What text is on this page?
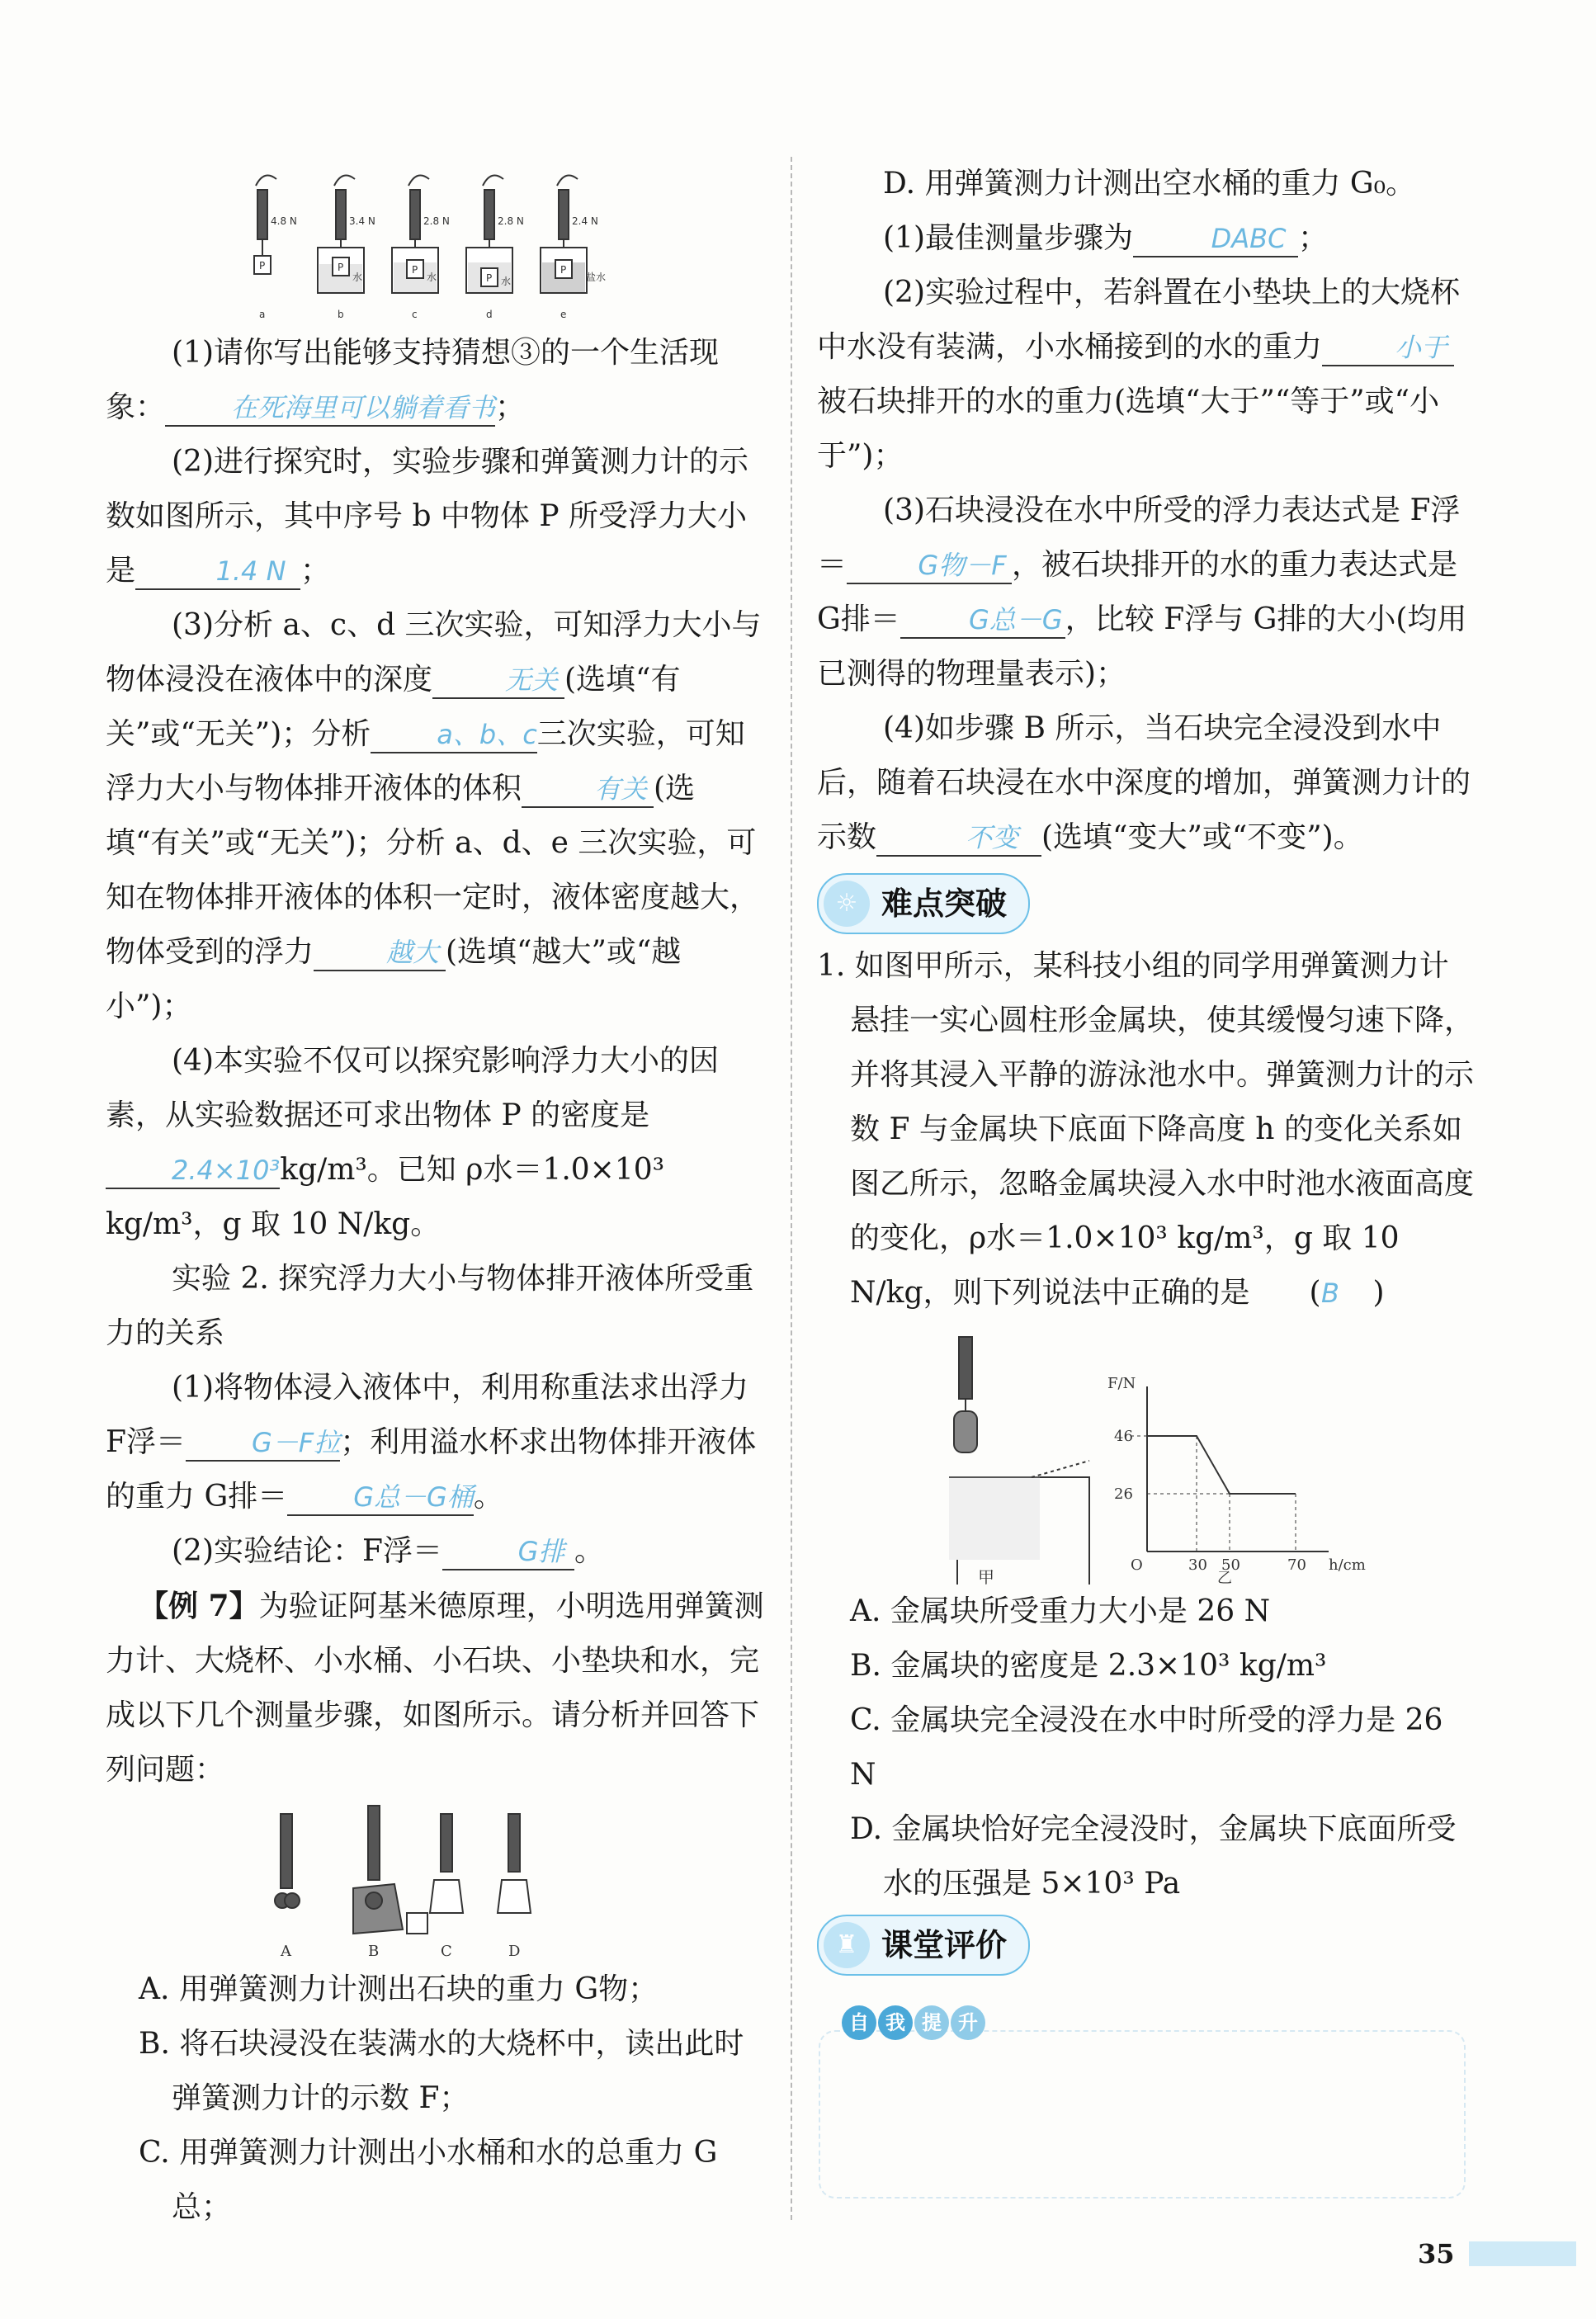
4.8 N	3.4 N	2.8 N	2.8 N	2.4 N
P	P	P
P
P
水	水	水	盐水
a	b	c	d	e

(1)请你写出能够支持猜想③的一个生活现象：	在死海里可以躺着看书；

(2)进行探究时，实验步骤和弹簧测力计的示数如图所示，其中序号 b 中物体 P 所受浮力大小是	1.4 N ；

(3)分析 a、c、d 三次实验，可知浮力大小与物体浸没在液体中的深度	无关 (选填“有关”或“无关”)；分析	a、b、c三次实验，可知浮力大小与物体排开液体的体积	有关 (选填“有关”或“无关”)；分析 a、d、e 三次实验，可知在物体排开液体的体积一定时，液体密度越大，物体受到的浮力	越大 (选填“越大”或“越小”)；

(4)本实验不仅可以探究影响浮力大小的因素，从实验数据还可求出物体 P 的密度是2.4×10³kg/m³。已知 ρ水＝1.0×10³ kg/m³，g 取 10 N/kg。

实验 2. 探究浮力大小与物体排开液体所受重力的关系

(1)将物体浸入液体中，利用称重法求出浮力 F浮＝	G－F拉；利用溢水杯求出物体排开液体的重力 G排＝	G总－G桶。

(2)实验结论：F浮＝	G排 。

【例 7】为验证阿基米德原理，小明选用弹簧测力计、大烧杯、小水桶、小石块、小垫块和水，完成以下几个测量步骤，如图所示。请分析并回答下列问题：

A	B	C	D

A. 用弹簧测力计测出石块的重力 G物；

B. 将石块浸没在装满水的大烧杯中，读出此时弹簧测力计的示数 F；

C. 用弹簧测力计测出小水桶和水的总重力 G总；

D. 用弹簧测力计测出空水桶的重力 G₀。

(1)最佳测量步骤为	DABC ；

(2)实验过程中，若斜置在小垫块上的大烧杯中水没有装满，小水桶接到的水的重力	小于被石块排开的水的重力(选填“大于”“等于”或“小于”)；

(3)石块浸没在水中所受的浮力表达式是 F浮＝	G物－F ，被石块排开的水的重力表达式是 G排＝	G总－G，比较 F浮与 G排的大小(均用已测得的物理量表示)；

(4)如步骤 B 所示，当石块完全浸没到水中后，随着石块浸在水中深度的增加，弹簧测力计的示数	不变 (选填“变大”或“不变”)。

☼ 难点突破

1. 如图甲所示，某科技小组的同学用弹簧测力计悬挂一实心圆柱形金属块，使其缓慢匀速下降，并将其浸入平静的游泳池水中。弹簧测力计的示数 F 与金属块下底面下降高度 h 的变化关系如图乙所示，忽略金属块浸入水中时池水液面高度的变化，ρ水＝1.0×10³ kg/m³，g 取 10 N/kg，则下列说法中正确的是　　 ( B )

甲
F/N
46
26
O	30 50	70 h/cm
乙

A. 金属块所受重力大小是 26 N

B. 金属块的密度是 2.3×10³ kg/m³

C. 金属块完全浸没在水中时所受的浮力是 26 N

D. 金属块恰好完全浸没时，金属块下底面所受水的压强是 5×10³ Pa

♜ 课堂评价
自 我 提 升
35
